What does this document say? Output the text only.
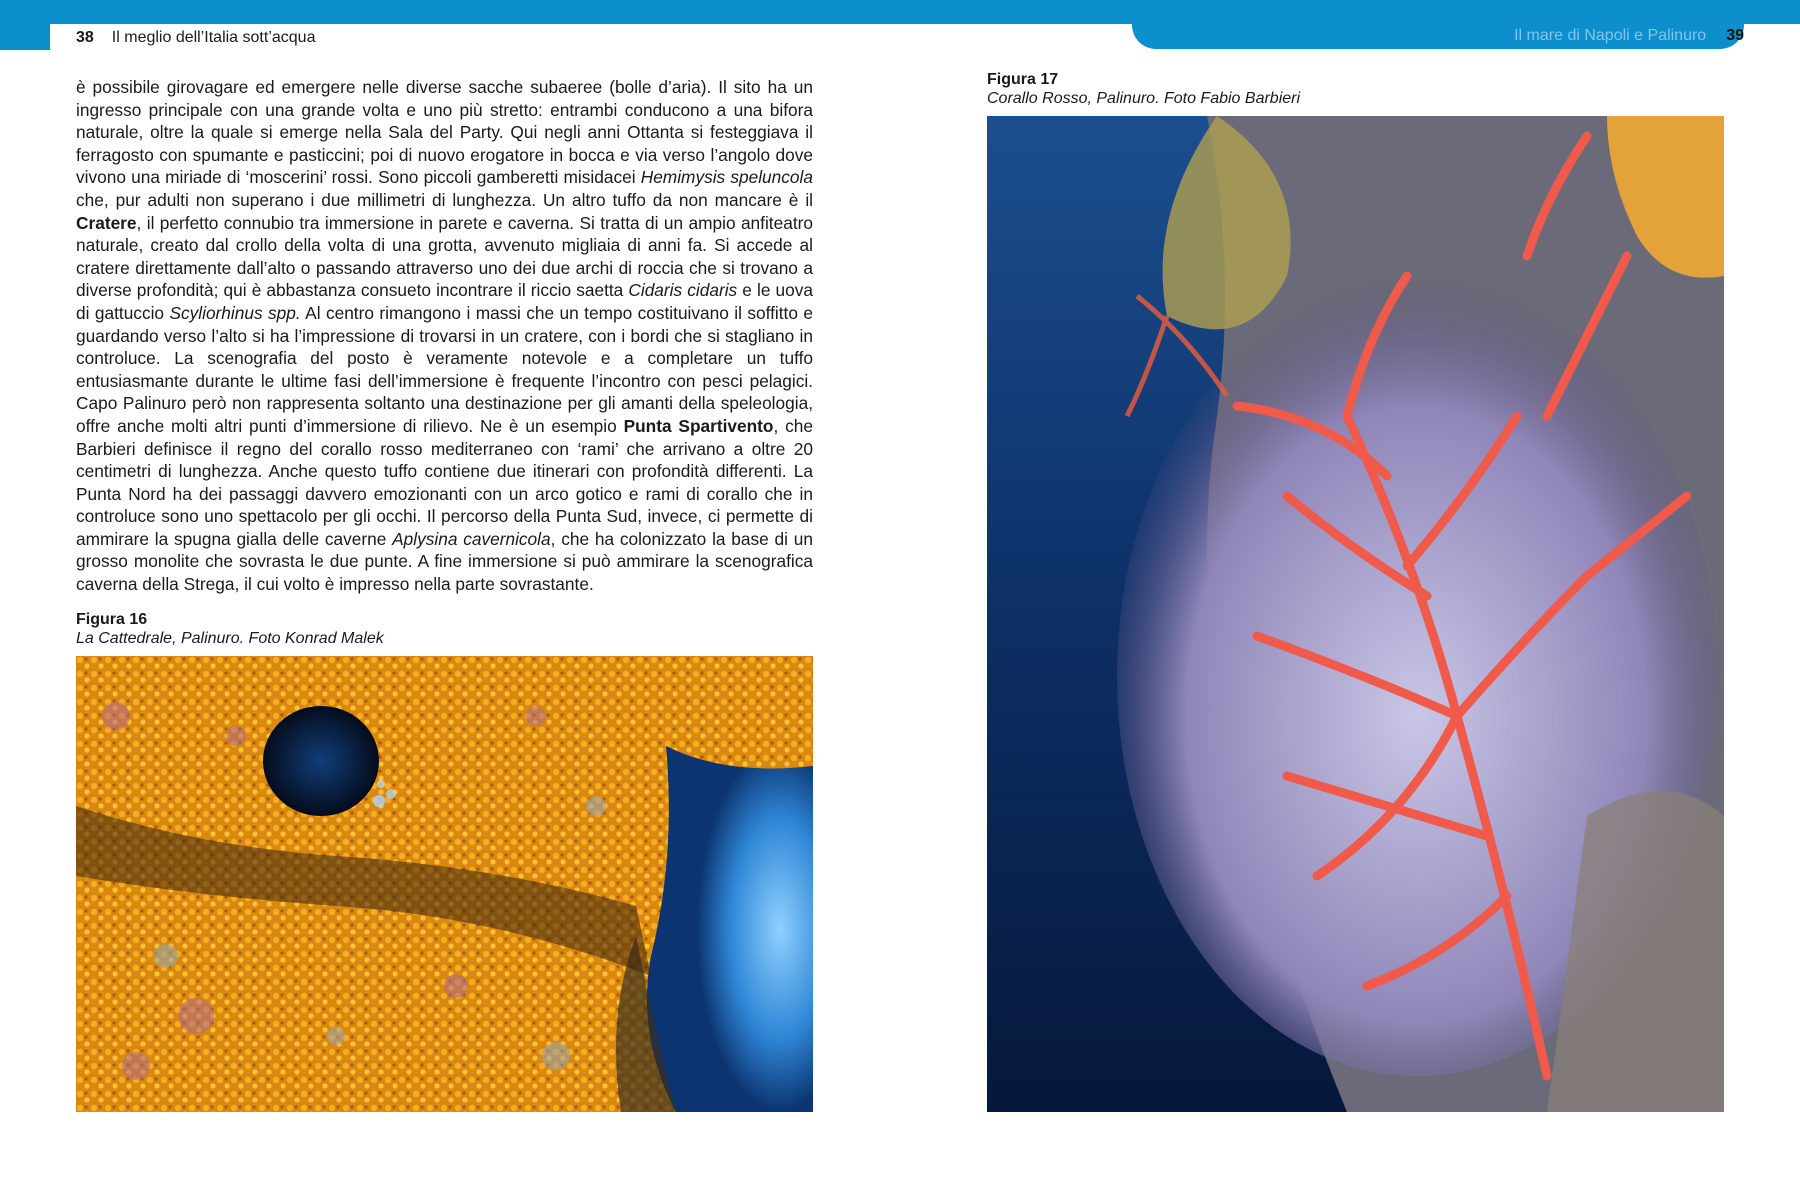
38 Il meglio dell’Italia sott’acqua	Il mare di Napoli e Palinuro 39

è possibile girovagare ed emergere nelle diverse sacche subaeree (bolle d’aria). Il sito ha un ingresso principale con una grande volta e uno più stretto: entrambi conducono a una bifora naturale, oltre la quale si emerge nella Sala del Party. Qui negli anni Ottanta si festeggiava il ferragosto con spumante e pasticcini; poi di nuovo erogatore in bocca e via verso l’angolo dove vivono una miriade di ‘moscerini’ rossi. Sono piccoli gamberetti misidacei Hemimysis speluncola che, pur adulti non superano i due millimetri di lunghezza. Un altro tuffo da non mancare è il Cratere, il perfetto connubio tra immersione in parete e caverna. Si tratta di un ampio anfiteatro naturale, creato dal crollo della volta di una grotta, avvenuto migliaia di anni fa. Si accede al cratere direttamente dall’alto o passando attraverso uno dei due archi di roccia che si trovano a diverse profondità; qui è abbastanza consueto incontrare il riccio saetta Cidaris cidaris e le uova di gattuccio Scyliorhinus spp. Al centro rimangono i massi che un tempo costituivano il soffitto e guardando verso l’alto si ha l’impressione di trovarsi in un cratere, con i bordi che si stagliano in controluce. La scenografia del posto è veramente notevole e a completare un tuffo entusiasmante durante le ultime fasi dell’immersione è frequente l’incontro con pesci pelagici. Capo Palinuro però non rappresenta soltanto una destinazione per gli amanti della speleologia, offre anche molti altri punti d’immersione di rilievo. Ne è un esempio Punta Spartivento, che Barbieri definisce il regno del corallo rosso mediterraneo con ‘rami’ che arrivano a oltre 20 centimetri di lunghezza. Anche questo tuffo contiene due itinerari con profondità differenti. La Punta Nord ha dei passaggi davvero emozionanti con un arco gotico e rami di corallo che in controluce sono uno spettacolo per gli occhi. Il percorso della Punta Sud, invece, ci permette di ammirare la spugna gialla delle caverne Aplysina cavernicola, che ha colonizzato la base di un grosso monolite che sovrasta le due punte. A fine immersione si può ammirare la scenografica caverna della Strega, il cui volto è impresso nella parte sovrastante.

Figura 16
La Cattedrale, Palinuro. Foto Konrad Malek
Figura 17
Corallo Rosso, Palinuro. Foto Fabio Barbieri
